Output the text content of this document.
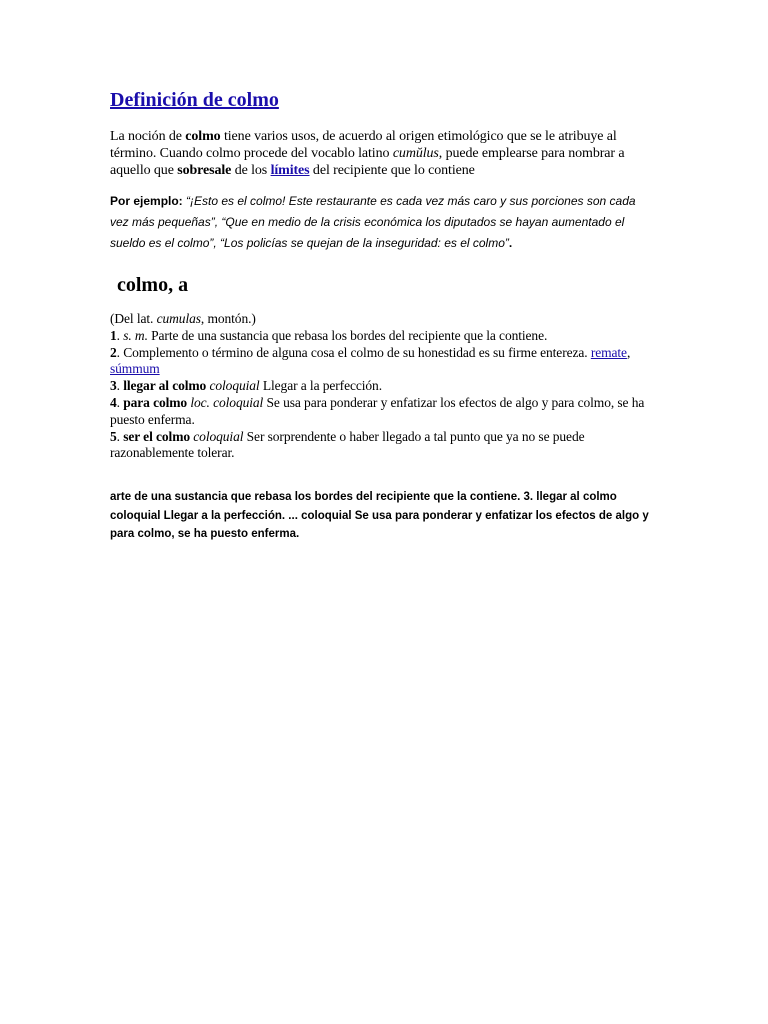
Definición de colmo

La noción de colmo tiene varios usos, de acuerdo al origen etimológico que se le atribuye al término. Cuando colmo procede del vocablo latino cumŭlus, puede emplearse para nombrar a aquello que sobresale de los límites del recipiente que lo contiene

Por ejemplo: “¡Esto es el colmo! Este restaurante es cada vez más caro y sus porciones son cada vez más pequeñas”, “Que en medio de la crisis económica los diputados se hayan aumentado el sueldo es el colmo”, “Los policías se quejan de la inseguridad: es el colmo”.

colmo, a
(Del lat. cumulas, montón.)
1. s. m. Parte de una sustancia que rebasa los bordes del recipiente que la contiene.
2. Complemento o término de alguna cosa el colmo de su honestidad es su firme entereza. remate, súmmum
3. llegar al colmo coloquial Llegar a la perfección.
4. para colmo loc. coloquial Se usa para ponderar y enfatizar los efectos de algo y para colmo, se ha puesto enferma.
5. ser el colmo coloquial Ser sorprendente o haber llegado a tal punto que ya no se puede razonablemente tolerar.

arte de una sustancia que rebasa los bordes del recipiente que la contiene. 3. llegar al colmo coloquial Llegar a la perfección. ... coloquial Se usa para ponderar y enfatizar los efectos de algo y para colmo, se ha puesto enferma.
